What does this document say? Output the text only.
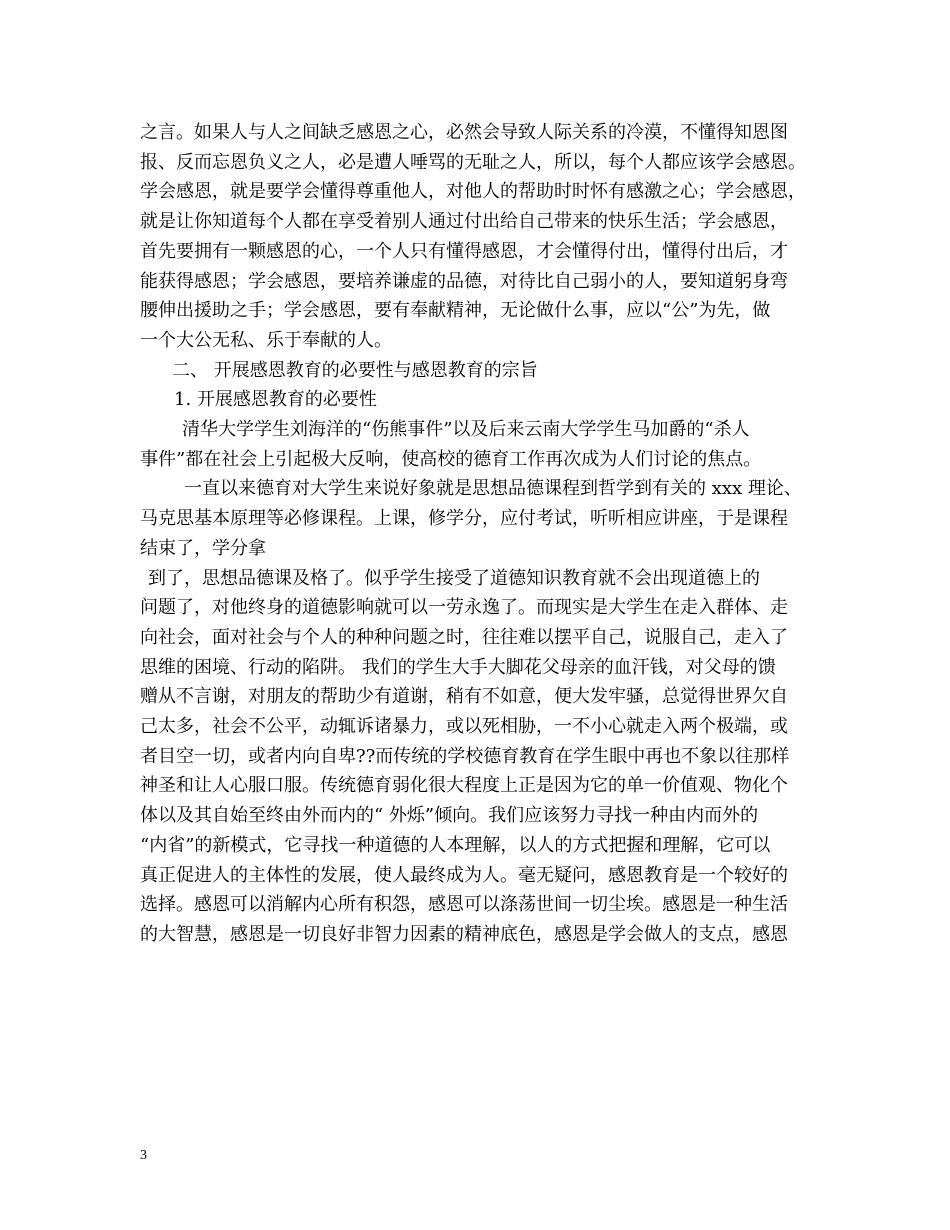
之言。如果人与人之间缺乏感恩之心，必然会导致人际关系的冷漠，不懂得知恩图

报、反而忘恩负义之人，必是遭人唾骂的无耻之人，所以，每个人都应该学会感恩。

学会感恩，就是要学会懂得尊重他人，对他人的帮助时时怀有感激之心；学会感恩，

就是让你知道每个人都在享受着别人通过付出给自己带来的快乐生活；学会感恩，

首先要拥有一颗感恩的心，一个人只有懂得感恩，才会懂得付出，懂得付出后，才

能获得感恩；学会感恩，要培养谦虚的品德，对待比自己弱小的人，要知道躬身弯

腰伸出援助之手；学会感恩，要有奉献精神，无论做什么事，应以“公”为先，做

一个大公无私、乐于奉献的人。

二、 开展感恩教育的必要性与感恩教育的宗旨

1. 开展感恩教育的必要性

清华大学学生刘海洋的“伤熊事件”以及后来云南大学学生马加爵的“杀人

事件”都在社会上引起极大反响，使高校的德育工作再次成为人们讨论的焦点。

一直以来德育对大学生来说好象就是思想品德课程到哲学到有关的 xxx 理论、

马克思基本原理等必修课程。上课，修学分，应付考试，听听相应讲座，于是课程

结束了，学分拿

到了，思想品德课及格了。似乎学生接受了道德知识教育就不会出现道德上的

问题了，对他终身的道德影响就可以一劳永逸了。而现实是大学生在走入群体、走

向社会，面对社会与个人的种种问题之时，往往难以摆平自己，说服自己，走入了

思维的困境、行动的陷阱。 我们的学生大手大脚花父母亲的血汗钱，对父母的馈

赠从不言谢，对朋友的帮助少有道谢，稍有不如意，便大发牢骚，总觉得世界欠自

己太多，社会不公平，动辄诉诸暴力，或以死相胁，一不小心就走入两个极端，或

者目空一切，或者内向自卑??而传统的学校德育教育在学生眼中再也不象以往那样

神圣和让人心服口服。传统德育弱化很大程度上正是因为它的单一价值观、物化个

体以及其自始至终由外而内的“ 外烁”倾向。我们应该努力寻找一种由内而外的

“内省”的新模式，它寻找一种道德的人本理解，以人的方式把握和理解，它可以

真正促进人的主体性的发展，使人最终成为人。毫无疑问，感恩教育是一个较好的

选择。感恩可以消解内心所有积怨，感恩可以涤荡世间一切尘埃。感恩是一种生活

的大智慧，感恩是一切良好非智力因素的精神底色，感恩是学会做人的支点，感恩

3
